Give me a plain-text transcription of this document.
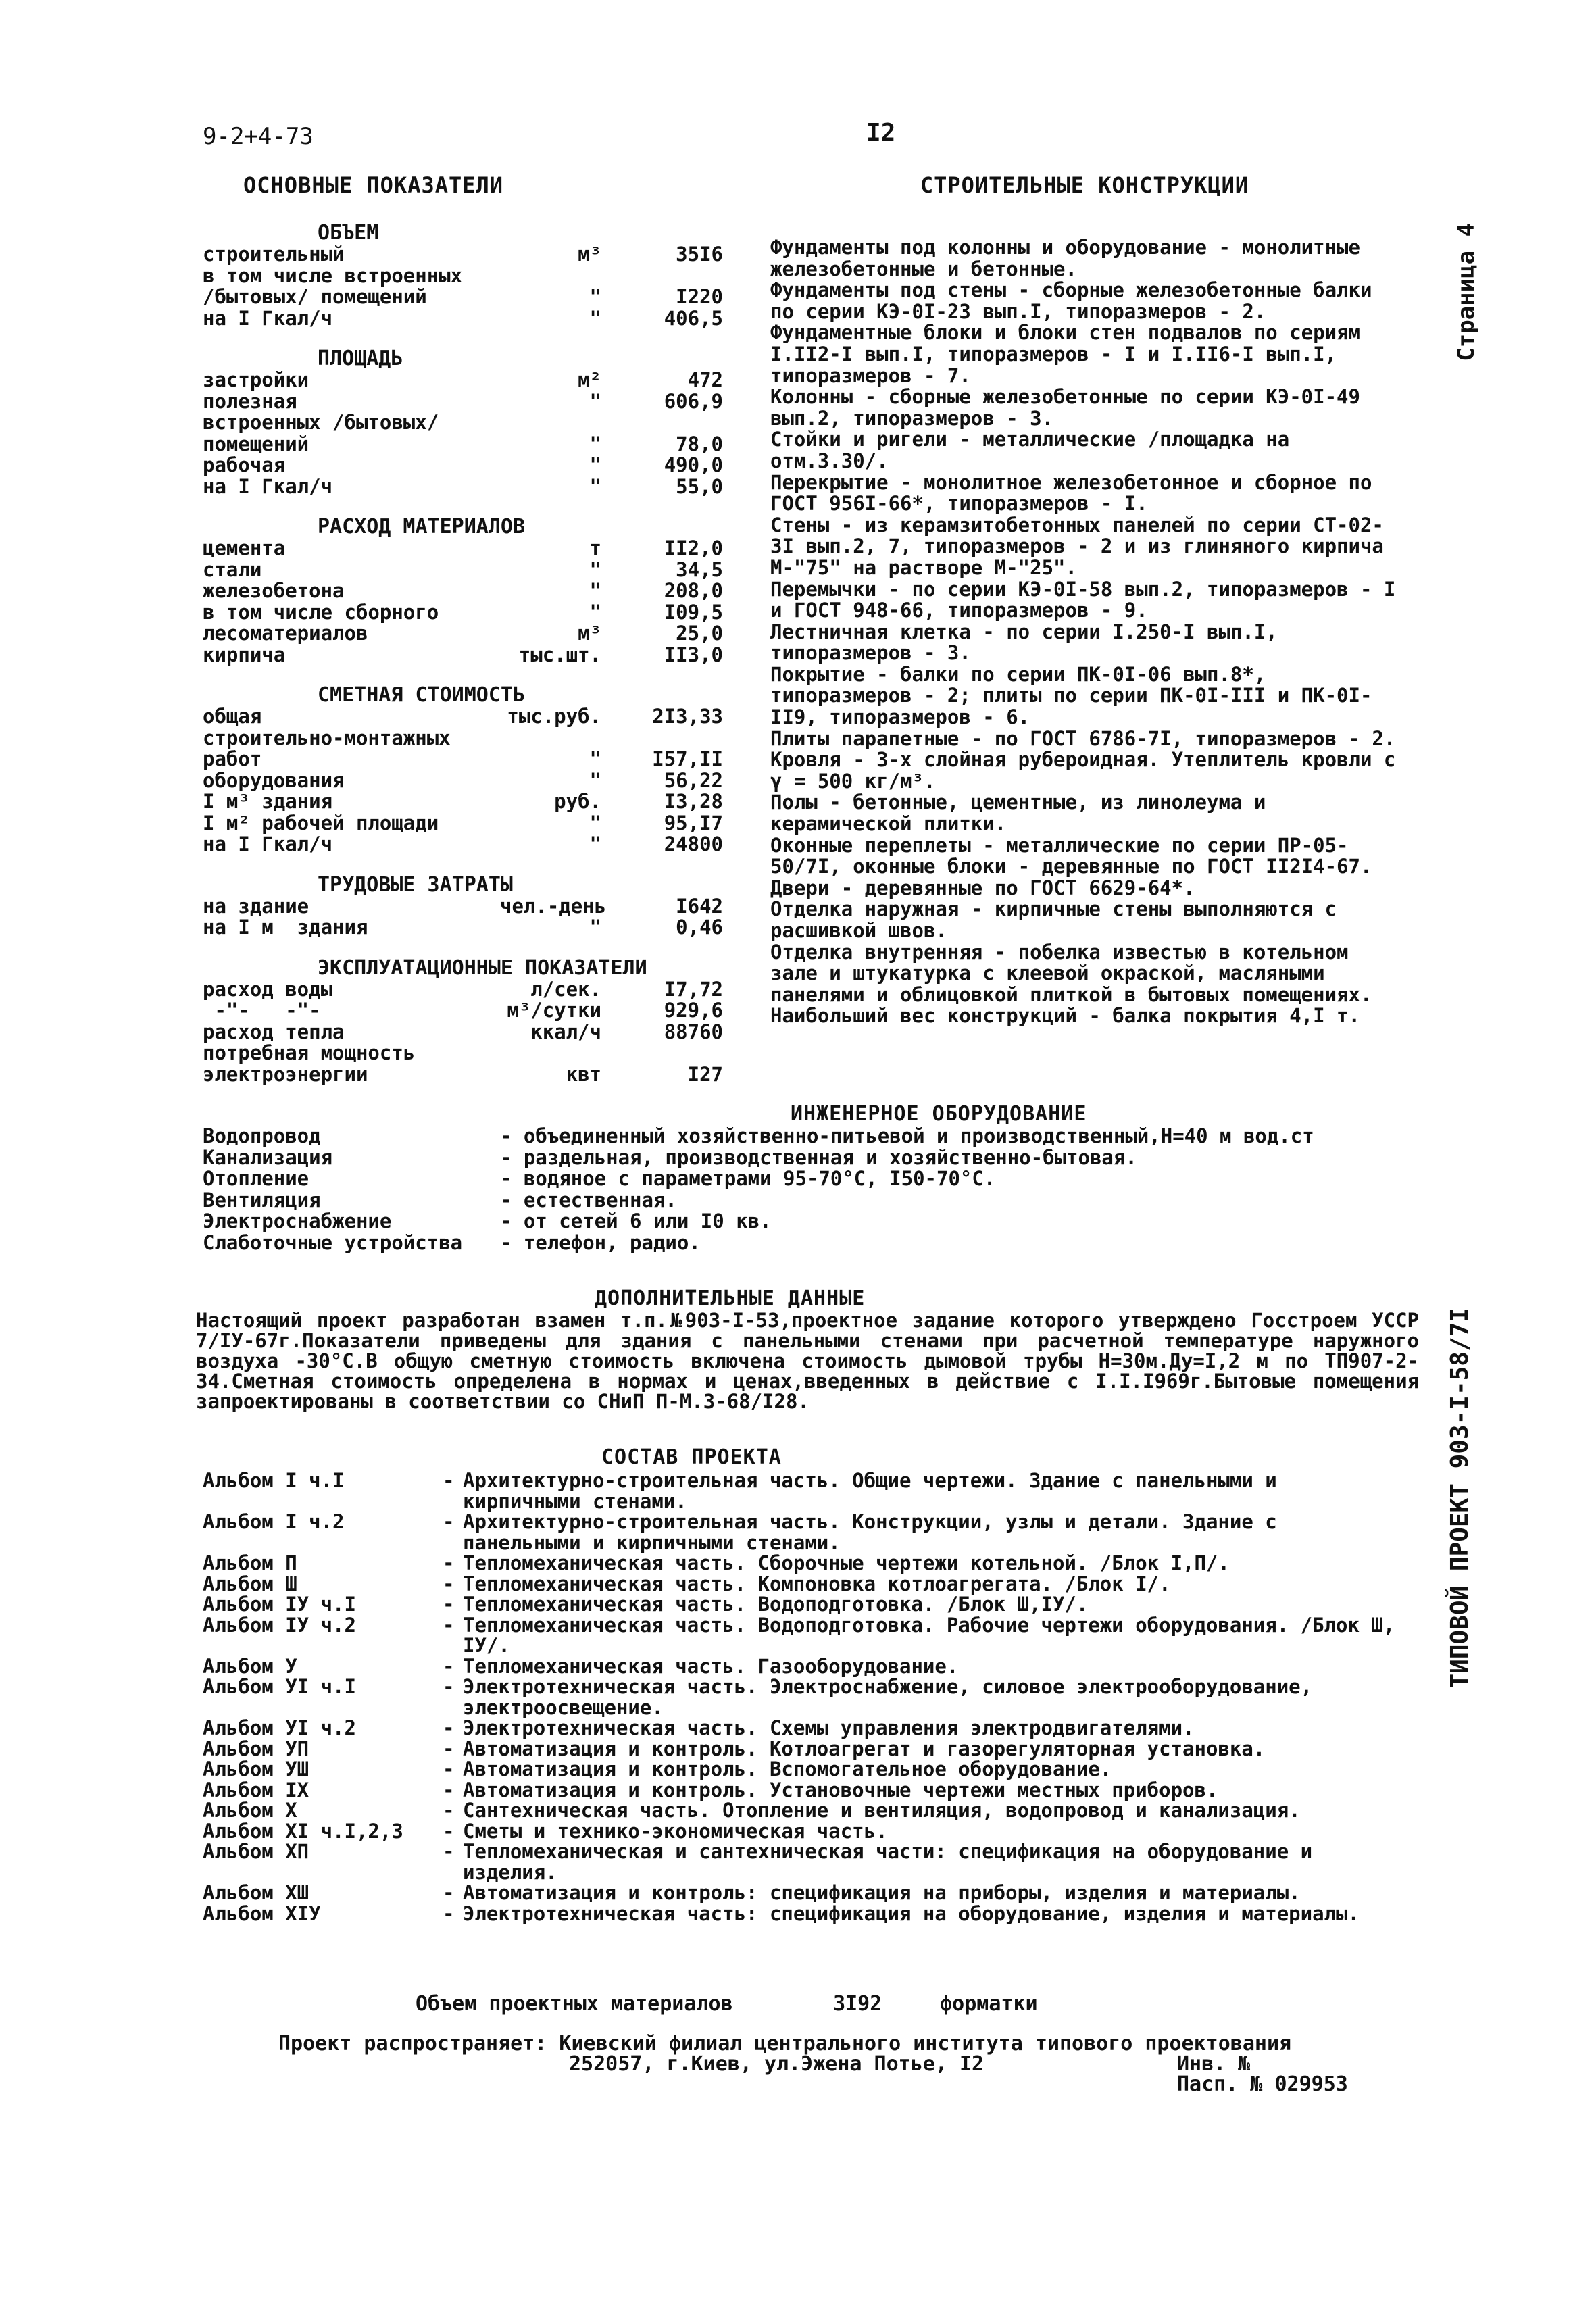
9-2+4-73	I2
Страница 4
ТИПОВОЙ ПРОЕКТ 903-I-58/7I
ОСНОВНЫЕ ПОКАЗАТЕЛИ
ОБЪЕМ
строительный	м³	35I6
в том числе встроенных
/бытовых/ помещений	"	I220
на I Гкал/ч	"	406,5
ПЛОЩАДЬ
застройки	м²	472
полезная	"	606,9
встроенных /бытовых/
помещений	"	78,0
рабочая	"	490,0
на I Гкал/ч	"	55,0
РАСХОД МАТЕРИАЛОВ
цемента	т	II2,0
стали	"	34,5
железобетона	"	208,0
в том числе сборного	"	I09,5
лесоматериалов	м³	25,0
кирпича	тыс.шт.	II3,0
СМЕТНАЯ СТОИМОСТЬ
общая	тыс.руб.	2I3,33
строительно-монтажных
работ	"	I57,II
оборудования	"	56,22
I м³ здания	руб.	I3,28
I м² рабочей площади	"	95,I7
на I Гкал/ч	"	24800
ТРУДОВЫЕ ЗАТРАТЫ
на здание	чел.-день	I642
на I м  здания	"	0,46
ЭКСПЛУАТАЦИОННЫЕ ПОКАЗАТЕЛИ
расход воды	л/сек.	I7,72
-"-   -"-	м³/сутки	929,6
расход тепла	ккал/ч	88760
потребная мощность
электроэнергии	квт	I27
СТРОИТЕЛЬНЫЕ КОНСТРУКЦИИ

Фундаменты под колонны и оборудование - монолитные железобетонные и бетонные.

Фундаменты под стены - сборные железобетонные балки по серии КЭ-0I-23 вып.I, типоразмеров - 2.

Фундаментные блоки и блоки стен подвалов по сериям I.II2-I вып.I, типоразмеров - I и I.II6-I вып.I, типоразмеров - 7.

Колонны - сборные железобетонные по серии КЭ-0I-49 вып.2, типоразмеров - 3.

Стойки и ригели - металлические /площадка на отм.3.30/.

Перекрытие - монолитное железобетонное и сборное по ГОСТ 956I-66*, типоразмеров - I.

Стены - из керамзитобетонных панелей по серии СТ-02-3I вып.2, 7, типоразмеров - 2 и из глиняного кирпича М-"75" на растворе М-"25".

Перемычки - по серии КЭ-0I-58 вып.2, типоразмеров - I и ГОСТ 948-66, типоразмеров - 9.

Лестничная клетка - по серии I.250-I вып.I, типоразмеров - 3.

Покрытие - балки по серии ПК-0I-06 вып.8*, типоразмеров - 2; плиты по серии ПК-0I-III и ПК-0I-II9, типоразмеров - 6.

Плиты парапетные - по ГОСТ 6786-7I, типоразмеров - 2.

Кровля - 3-х слойная рубероидная. Утеплитель кровли с γ = 500 кг/м³.

Полы - бетонные, цементные, из линолеума и керамической плитки.

Оконные переплеты - металлические по серии ПР-05-50/7I, оконные блоки - деревянные по ГОСТ II2I4-67.

Двери - деревянные по ГОСТ 6629-64*.

Отделка наружная - кирпичные стены выполняются с расшивкой швов.

Отделка внутренняя - побелка известью в котельном зале и штукатурка с клеевой окраской, масляными панелями и облицовкой плиткой в бытовых помещениях.

Наибольший вес конструкций - балка покрытия 4,I т.

ИНЖЕНЕРНОЕ ОБОРУДОВАНИЕ
Водопровод	- объединенный хозяйственно-питьевой и производственный,Н=40 м вод.ст
Канализация	- раздельная, производственная и хозяйственно-бытовая.
Отопление	- водяное с параметрами 95-70°С, I50-70°С.
Вентиляция	- естественная.
Электроснабжение	- от сетей 6 или I0 кв.
Слаботочные устройства	- телефон, радио.
ДОПОЛНИТЕЛЬНЫЕ ДАННЫЕ

Настоящий проект разработан взамен т.п.№903-I-53,проектное задание которого утверждено Госстроем УССР 7/IУ-67г.Показатели приведены для здания с панельными стенами при расчетной температуре наружного воздуха -30°С.В общую сметную стоимость включена стоимость дымовой трубы Н=30м.Ду=I,2 м по ТП907-2-34.Сметная стоимость определена в нормах и ценах,введенных в действие с I.I.I969г.Бытовые помещения запроектированы в соответствии со СНиП П-М.3-68/I28.

СОСТАВ ПРОЕКТА
Альбом I ч.I	- Архитектурно-строительная часть. Общие чертежи. Здание с панельными и кирпичными стенами.
Альбом I ч.2	- Архитектурно-строительная часть. Конструкции, узлы и детали. Здание с панельными и кирпичными стенами.
Альбом П	- Тепломеханическая часть. Сборочные чертежи котельной. /Блок I,П/.
Альбом Ш	- Тепломеханическая часть. Компоновка котлоагрегата. /Блок I/.
Альбом IУ ч.I	- Тепломеханическая часть. Водоподготовка. /Блок Ш,IУ/.
Альбом IУ ч.2	- Тепломеханическая часть. Водоподготовка. Рабочие чертежи оборудования. /Блок Ш, IУ/.
Альбом У	- Тепломеханическая часть. Газооборудование.
Альбом УI ч.I	- Электротехническая часть. Электроснабжение, силовое электрооборудование, электроосвещение.
Альбом УI ч.2	- Электротехническая часть. Схемы управления электродвигателями.
Альбом УП	- Автоматизация и контроль. Котлоагрегат и газорегуляторная установка.
Альбом УШ	- Автоматизация и контроль. Вспомогательное оборудование.
Альбом IX	- Автоматизация и контроль. Установочные чертежи местных приборов.
Альбом X	- Сантехническая часть. Отопление и вентиляция, водопровод и канализация.
Альбом XI ч.I,2,3	- Сметы и технико-экономическая часть.
Альбом XП	- Тепломеханическая и сантехническая части: спецификация на оборудование и изделия.
Альбом XШ	- Автоматизация и контроль: спецификация на приборы, изделия и материалы.
Альбом XIУ	- Электротехническая часть: спецификация на оборудование, изделия и материалы.
Объем проектных материалов	3I92	форматки
Проект распространяет: Киевский филиал центрального института типового проектования
252057, г.Киев, ул.Эжена Потье, I2	Инв. №
Пасп. № 029953
